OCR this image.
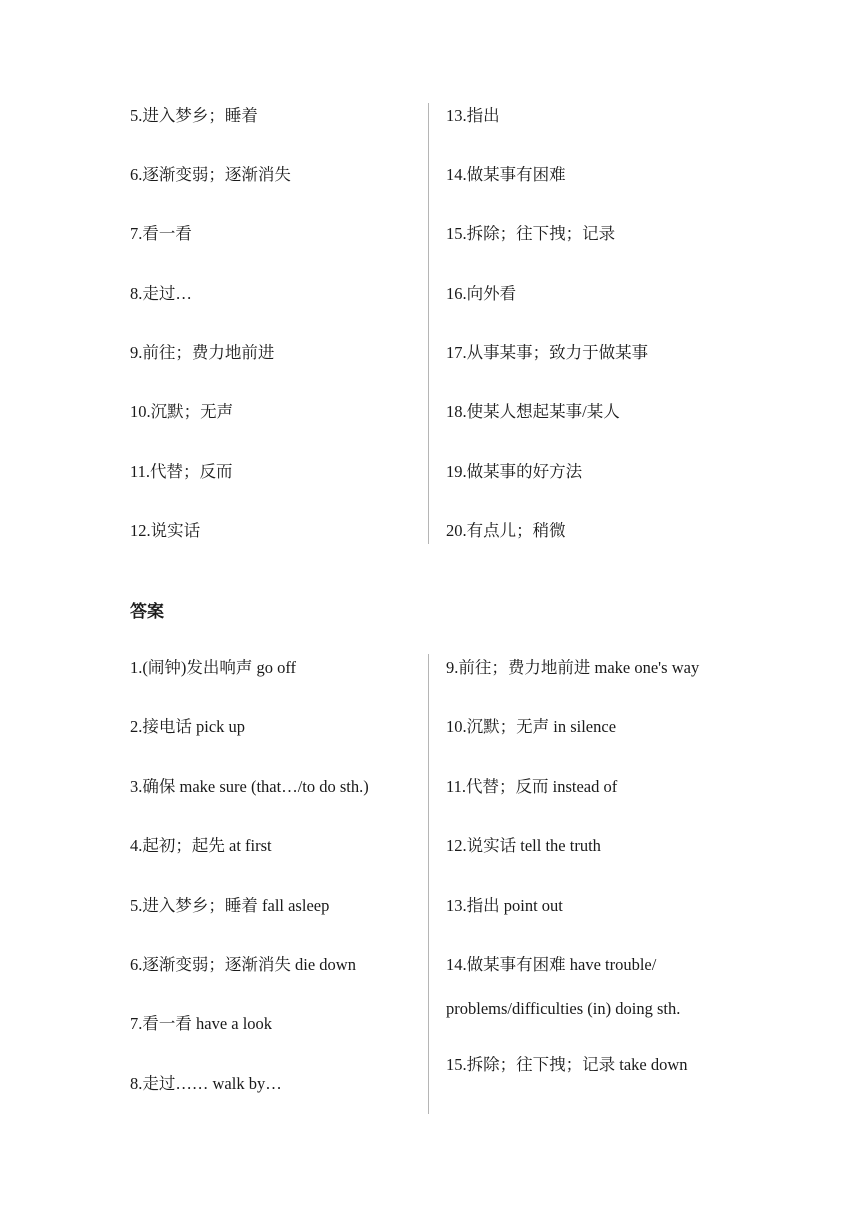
5.进入梦乡；睡着
6.逐渐变弱；逐渐消失
7.看一看
8.走过…
9.前往；费力地前进
10.沉默；无声
11.代替；反而
12.说实话
13.指出
14.做某事有困难
15.拆除；往下拽；记录
16.向外看
17.从事某事；致力于做某事
18.使某人想起某事/某人
19.做某事的好方法
20.有点儿；稍微
答案
1.(闹钟)发出响声 go off
2.接电话 pick up
3.确保 make sure (that…/to do sth.)
4.起初；起先 at first
5.进入梦乡；睡着 fall asleep
6.逐渐变弱；逐渐消失 die down
7.看一看 have a look
8.走过…… walk by…
9.前往；费力地前进 make one's way
10.沉默；无声 in silence
11.代替；反而 instead of
12.说实话 tell the truth
13.指出 point out
14.做某事有困难 have trouble/
problems/difficulties (in) doing sth.
15.拆除；往下拽；记录 take down
